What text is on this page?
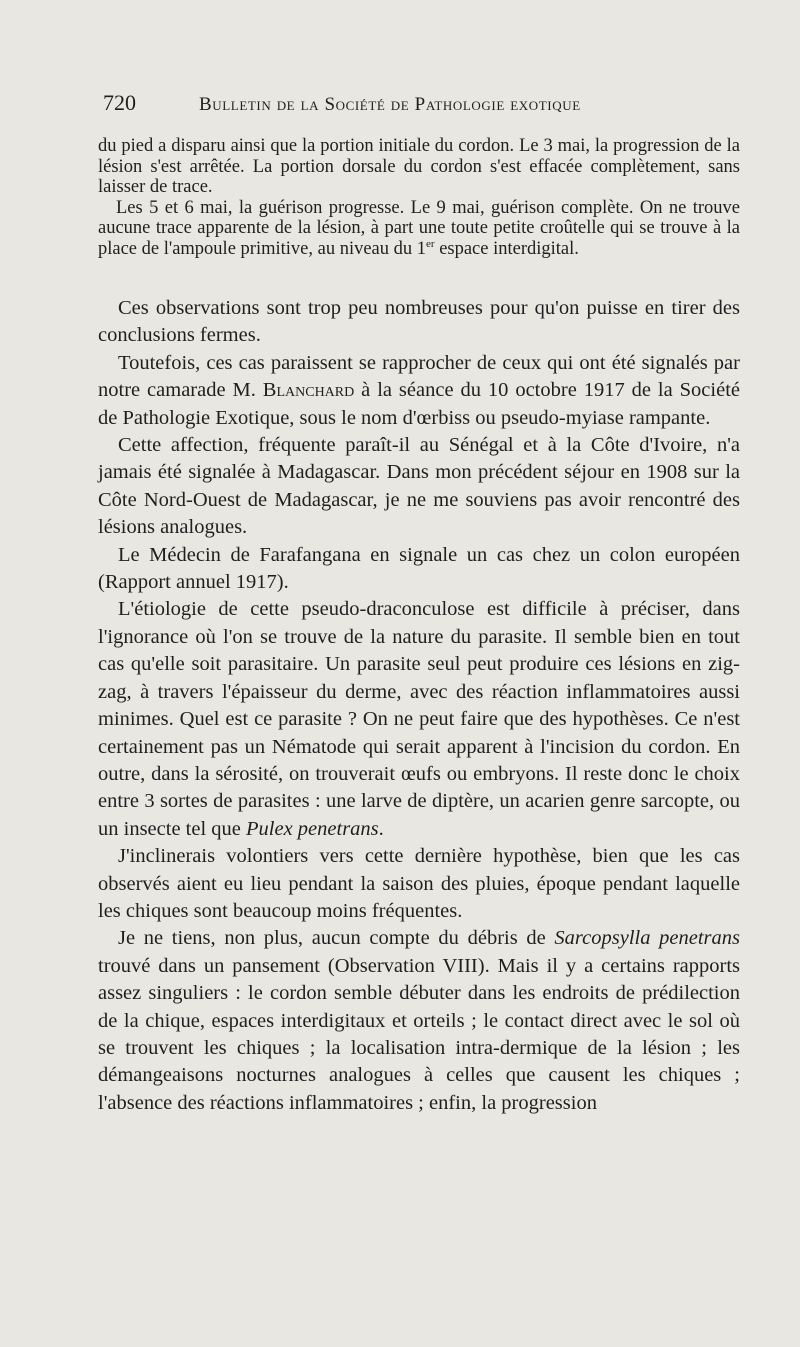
720	Bulletin de la Société de Pathologie exotique

du pied a disparu ainsi que la portion initiale du cordon. Le 3 mai, la progression de la lésion s'est arrêtée. La portion dorsale du cordon s'est effacée complètement, sans laisser de trace.

Les 5 et 6 mai, la guérison progresse. Le 9 mai, guérison complète. On ne trouve aucune trace apparente de la lésion, à part une toute petite croûtelle qui se trouve à la place de l'ampoule primitive, au niveau du 1er espace interdigital.

Ces observations sont trop peu nombreuses pour qu'on puisse en tirer des conclusions fermes.

Toutefois, ces cas paraissent se rapprocher de ceux qui ont été signalés par notre camarade M. Blanchard à la séance du 10 octobre 1917 de la Société de Pathologie Exotique, sous le nom d'œrbiss ou pseudo-myiase rampante.

Cette affection, fréquente paraît-il au Sénégal et à la Côte d'Ivoire, n'a jamais été signalée à Madagascar. Dans mon précédent séjour en 1908 sur la Côte Nord-Ouest de Madagascar, je ne me souviens pas avoir rencontré des lésions analogues.

Le Médecin de Farafangana en signale un cas chez un colon européen (Rapport annuel 1917).

L'étiologie de cette pseudo-draconculose est difficile à préciser, dans l'ignorance où l'on se trouve de la nature du parasite. Il semble bien en tout cas qu'elle soit parasitaire. Un parasite seul peut produire ces lésions en zig-zag, à travers l'épaisseur du derme, avec des réaction inflammatoires aussi minimes. Quel est ce parasite ? On ne peut faire que des hypothèses. Ce n'est certainement pas un Nématode qui serait apparent à l'incision du cordon. En outre, dans la sérosité, on trouverait œufs ou embryons. Il reste donc le choix entre 3 sortes de parasites : une larve de diptère, un acarien genre sarcopte, ou un insecte tel que Pulex penetrans.

J'inclinerais volontiers vers cette dernière hypothèse, bien que les cas observés aient eu lieu pendant la saison des pluies, époque pendant laquelle les chiques sont beaucoup moins fréquentes.

Je ne tiens, non plus, aucun compte du débris de Sarcopsylla penetrans trouvé dans un pansement (Observation VIII). Mais il y a certains rapports assez singuliers : le cordon semble débuter dans les endroits de prédilection de la chique, espaces interdigitaux et orteils ; le contact direct avec le sol où se trouvent les chiques ; la localisation intra-dermique de la lésion ; les démangeaisons nocturnes analogues à celles que causent les chiques ; l'absence des réactions inflammatoires ; enfin, la progression
